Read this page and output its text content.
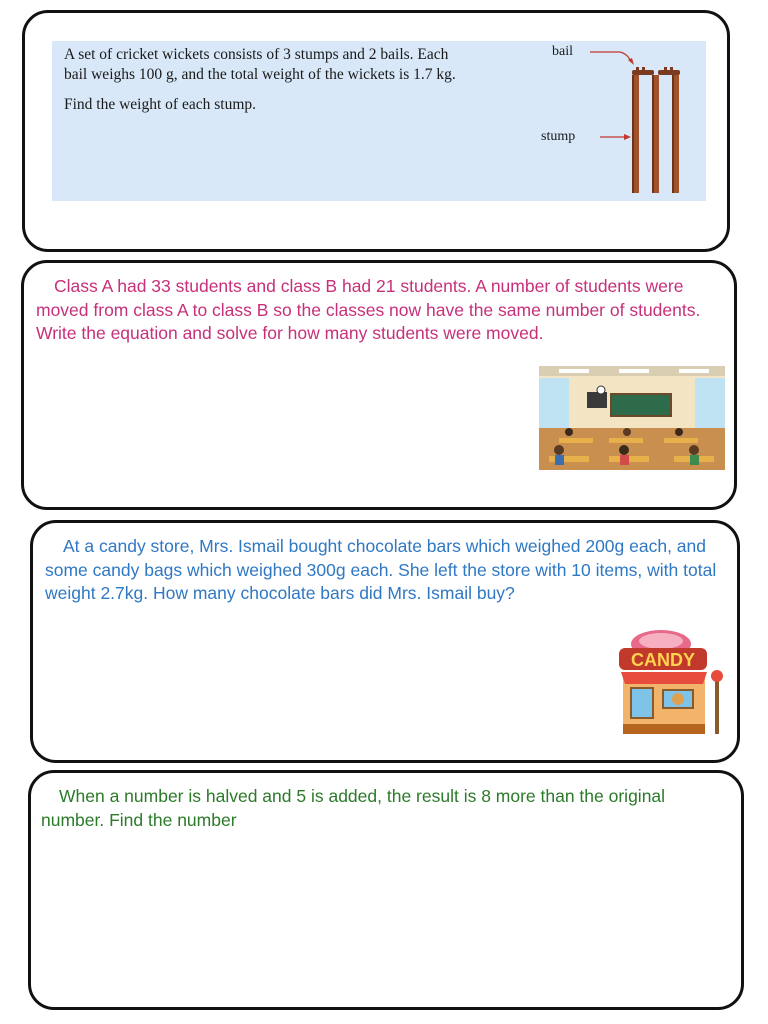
A set of cricket wickets consists of 3 stumps and 2 bails. Each

bail weighs 100 g, and the total weight of the wickets is 1.7 kg.

Find the weight of each stump.

bail
stump

Class A had 33 students and class B had 21 students. A number of students were moved from class A to class B so the classes now have the same number of students. Write the equation and solve for how many students were moved.

At a candy store, Mrs. Ismail bought chocolate bars which weighed 200g each, and some candy bags which weighed 300g each. She left the store with 10 items, with total weight 2.7kg. How many chocolate bars did Mrs. Ismail buy?

CANDY

When a number is halved and 5 is added, the result is 8 more than the original number. Find the number
